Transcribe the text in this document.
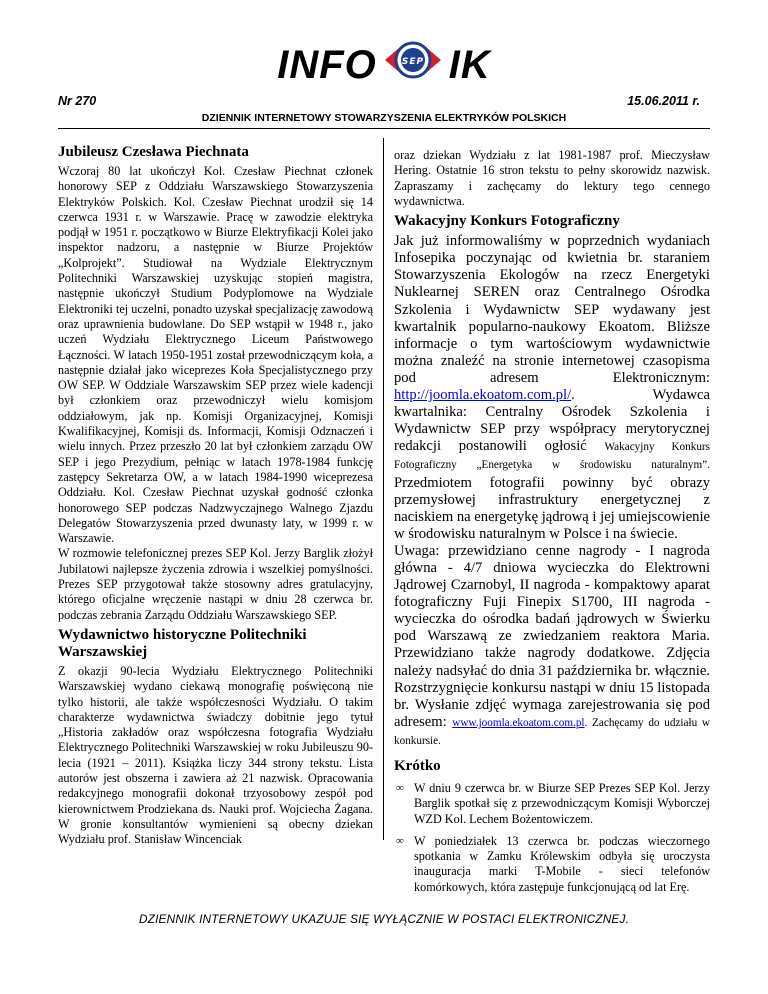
INFO	SEP IK
Nr 270	15.06.2011 r.
DZIENNIK INTERNETOWY STOWARZYSZENIA ELEKTRYKÓW POLSKICH
Jubileusz Czesława Piechnata

Wczoraj 80 lat ukończył Kol. Czesław Piechnat członek honorowy SEP z Oddziału Warszawskiego Stowarzyszenia Elektryków Polskich. Kol. Czesław Piechnat urodził się 14 czerwca 1931 r. w Warszawie. Pracę w zawodzie elektryka podjął w 1951 r. początkowo w Biurze Elektryfikacji Kolei jako inspektor nadzoru, a następnie w Biurze Projektów „Kolprojekt”. Studiował na Wydziale Elektrycznym Politechniki Warszawskiej uzyskując stopień magistra, następnie ukończył Studium Podyplomowe na Wydziale Elektroniki tej uczelni, ponadto uzyskał specjalizację zawodową oraz uprawnienia budowlane. Do SEP wstąpił w 1948 r., jako uczeń Wydziału Elektrycznego Liceum Państwowego Łączności. W latach 1950-1951 został przewodniczącym koła, a następnie działał jako wiceprezes Koła Specjalistycznego przy OW SEP. W Oddziale Warszawskim SEP przez wiele kadencji był członkiem oraz przewodniczył wielu komisjom oddziałowym, jak np. Komisji Organizacyjnej, Komisji Kwalifikacyjnej, Komisji ds. Informacji, Komisji Odznaczeń i wielu innych. Przez przeszło 20 lat był członkiem zarządu OW SEP i jego Prezydium, pełniąc w latach 1978-1984 funkcję zastępcy Sekretarza OW, a w latach 1984-1990 wiceprezesa Oddziału. Kol. Czesław Piechnat uzyskał godność członka honorowego SEP podczas Nadzwyczajnego Walnego Zjazdu Delegatów Stowarzyszenia przed dwunasty laty, w 1999 r. w Warszawie.

W rozmowie telefonicznej prezes SEP Kol. Jerzy Barglik złożył Jubilatowi najlepsze życzenia zdrowia i wszelkiej pomyślności. Prezes SEP przygotował także stosowny adres gratulacyjny, którego oficjalne wręczenie nastąpi w dniu 28 czerwca br. podczas zebrania Zarządu Oddziału Warszawskiego SEP.

Wydawnictwo historyczne Politechniki Warszawskiej

Z okazji 90-lecia Wydziału Elektrycznego Politechniki Warszawskiej wydano ciekawą monografię poświęconą nie tylko historii, ale także współczesności Wydziału. O takim charakterze wydawnictwa świadczy dobitnie jego tytuł „Historia zakładów oraz współczesna fotografia Wydziału Elektrycznego Politechniki Warszawskiej w roku Jubileuszu 90-lecia (1921 – 2011). Książka liczy 344 strony tekstu. Lista autorów jest obszerna i zawiera aż 21 nazwisk. Opracowania redakcyjnego monografii dokonał trzyosobowy zespół pod kierownictwem Prodziekana ds. Nauki prof. Wojciecha Żagana. W gronie konsultantów wymienieni są obecny dziekan Wydziału prof. Stanisław Wincenciak

oraz dziekan Wydziału z lat 1981-1987 prof. Mieczysław Hering. Ostatnie 16 stron tekstu to pełny skorowidz nazwisk. Zapraszamy i zachęcamy do lektury tego cennego wydawnictwa.

Wakacyjny Konkurs Fotograficzny

Jak już informowaliśmy w poprzednich wydaniach Infosepika poczynając od kwietnia br. staraniem Stowarzyszenia Ekologów na rzecz Energetyki Nuklearnej SEREN oraz Centralnego Ośrodka Szkolenia i Wydawnictw SEP wydawany jest kwartalnik popularno-naukowy Ekoatom. Bliższe informacje o tym wartościowym wydawnictwie można znaleźć na stronie internetowej czasopisma pod adresem Elektronicznym: http://joomla.ekoatom.com.pl/. Wydawca kwartalnika: Centralny Ośrodek Szkolenia i Wydawnictw SEP przy współpracy merytorycznej redakcji postanowili ogłosić Wakacyjny Konkurs Fotograficzny „Energetyka w środowisku naturalnym”. Przedmiotem fotografii powinny być obrazy przemysłowej infrastruktury energetycznej z naciskiem na energetykę jądrową i jej umiejscowienie w środowisku naturalnym w Polsce i na świecie.

Uwaga: przewidziano cenne nagrody - I nagroda główna - 4/7 dniowa wycieczka do Elektrowni Jądrowej Czarnobyl, II nagroda - kompaktowy aparat fotograficzny Fuji Finepix S1700, III nagroda - wycieczka do ośrodka badań jądrowych w Świerku pod Warszawą ze zwiedzaniem reaktora Maria. Przewidziano także nagrody dodatkowe. Zdjęcia należy nadsyłać do dnia 31 października br. włącznie. Rozstrzygnięcie konkursu nastąpi w dniu 15 listopada br. Wysłanie zdjęć wymaga zarejestrowania się pod adresem: www.joomla.ekoatom.com.pl. Zachęcamy do udziału w konkursie.

Krótko
∞ W dniu 9 czerwca br. w Biurze SEP Prezes SEP Kol. Jerzy Barglik spotkał się z przewodniczącym Komisji Wyborczej WZD Kol. Lechem Bożentowiczem.
∞ W poniedziałek 13 czerwca br. podczas wieczornego spotkania w Zamku Królewskim odbyła się uroczysta inauguracja marki T-Mobile - sieci telefonów komórkowych, która zastępuje funkcjonującą od lat Erę.
DZIENNIK INTERNETOWY UKAZUJE SIĘ WYŁĄCZNIE W POSTACI ELEKTRONICZNEJ.
